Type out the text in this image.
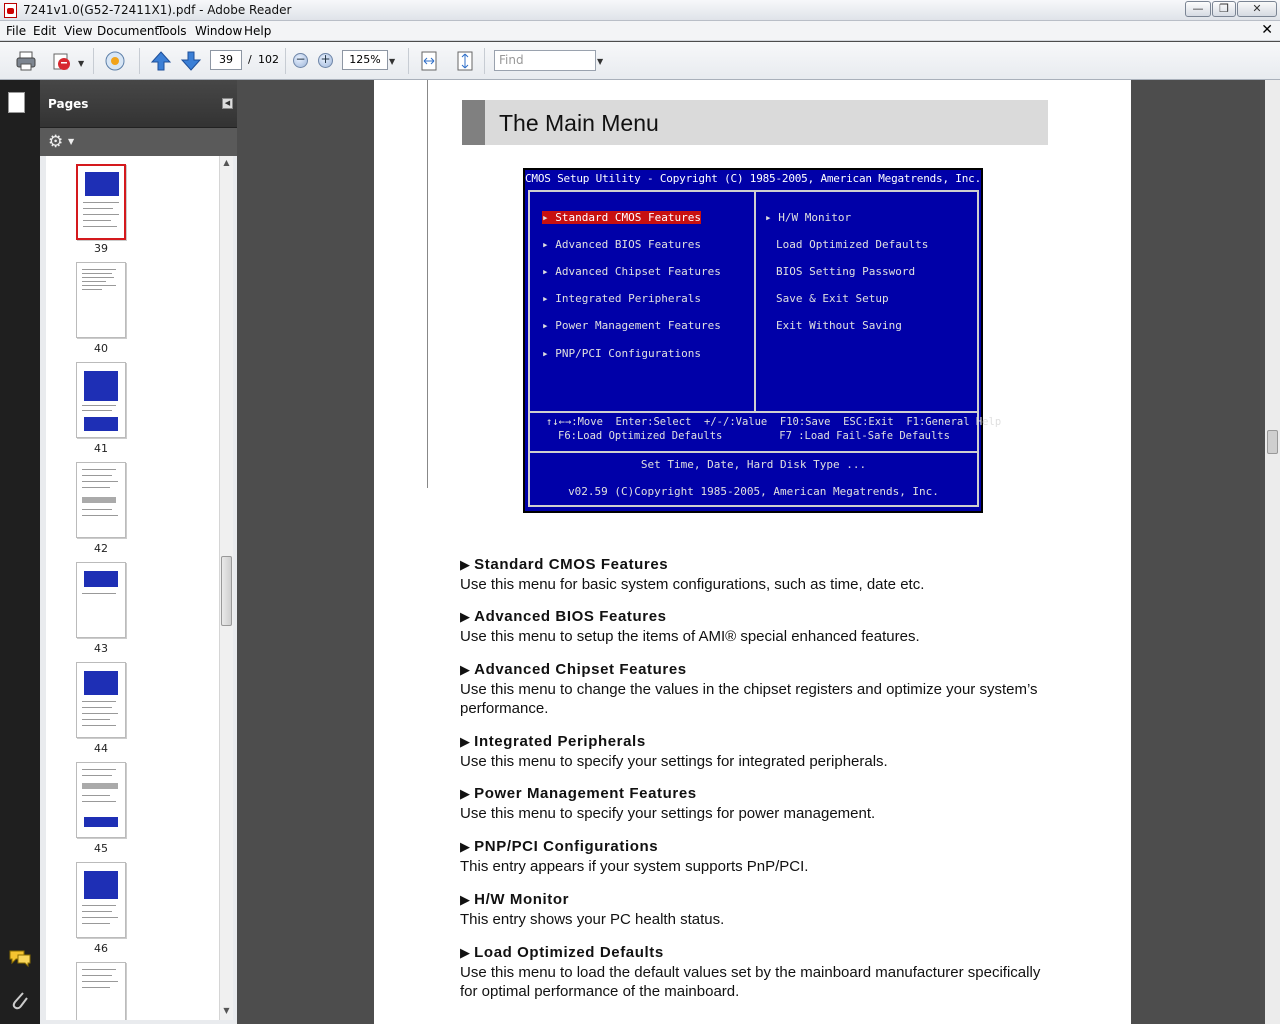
7241v1.0(G52-72411X1).pdf - Adobe Reader	—	❐	✕
File Edit View Document
Tools Window Help	✕
▼	39	/ 102 − +	125%	▼	Find	▼
Pages	◀
⚙ ▼
39
40
41
42
43
44
45
46
▲
▼
The Main Menu
CMOS Setup Utility - Copyright (C) 1985-2005, American Megatrends, Inc.
▸ Standard CMOS Features
▸ Advanced BIOS Features
▸ Advanced Chipset Features
▸ Integrated Peripherals
▸ Power Management Features
▸ PNP/PCI Configurations
▸ H/W Monitor
Load Optimized Defaults
BIOS Setting Password
Save & Exit Setup
Exit Without Saving
↑↓←→:Move  Enter:Select  +/-/:Value  F10:Save  ESC:Exit  F1:General Help
F6:Load Optimized Defaults         F7 :Load Fail-Safe Defaults
Set Time, Date, Hard Disk Type ...
v02.59 (C)Copyright 1985-2005, American Megatrends, Inc.
▶ Standard CMOS Features
Use this menu for basic system configurations, such as time, date etc.
▶ Advanced BIOS Features
Use this menu to setup the items of AMI® special enhanced features.
▶ Advanced Chipset Features
Use this menu to change the values in the chipset registers and optimize your system’s performance.
▶ Integrated Peripherals
Use this menu to specify your settings for integrated peripherals.
▶ Power Management Features
Use this menu to specify your settings for power management.
▶ PNP/PCI Configurations
This entry appears if your system supports PnP/PCI.
▶ H/W Monitor
This entry shows your PC health status.
▶ Load Optimized Defaults
Use this menu to load the default values set by the mainboard manufacturer specifically for optimal performance of the mainboard.
